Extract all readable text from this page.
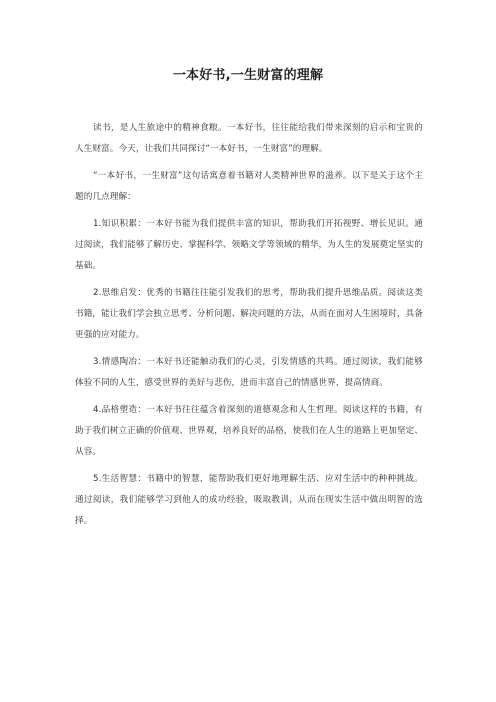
一本好书,一生财富的理解

读书，是人生旅途中的精神食粮。一本好书，往往能给我们带来深刻的启示和宝贵的人生财富。今天，让我们共同探讨“一本好书，一生财富”的理解。

“一本好书，一生财富”这句话寓意着书籍对人类精神世界的滋养。以下是关于这个主题的几点理解：

1.知识积累：一本好书能为我们提供丰富的知识，帮助我们开拓视野、增长见识。通过阅读，我们能够了解历史、掌握科学、领略文学等领域的精华，为人生的发展奠定坚实的基础。

2.思维启发：优秀的书籍往往能引发我们的思考，帮助我们提升思维品质。阅读这类书籍，能让我们学会独立思考、分析问题、解决问题的方法，从而在面对人生困境时，具备更强的应对能力。

3.情感陶冶：一本好书还能触动我们的心灵，引发情感的共鸣。通过阅读，我们能够体验不同的人生，感受世界的美好与悲伤，进而丰富自己的情感世界，提高情商。

4.品格塑造：一本好书往往蕴含着深刻的道德观念和人生哲理。阅读这样的书籍，有助于我们树立正确的价值观、世界观，培养良好的品格，使我们在人生的道路上更加坚定、从容。

5.生活智慧：书籍中的智慧，能帮助我们更好地理解生活、应对生活中的种种挑战。通过阅读，我们能够学习到他人的成功经验，吸取教训，从而在现实生活中做出明智的选择。
